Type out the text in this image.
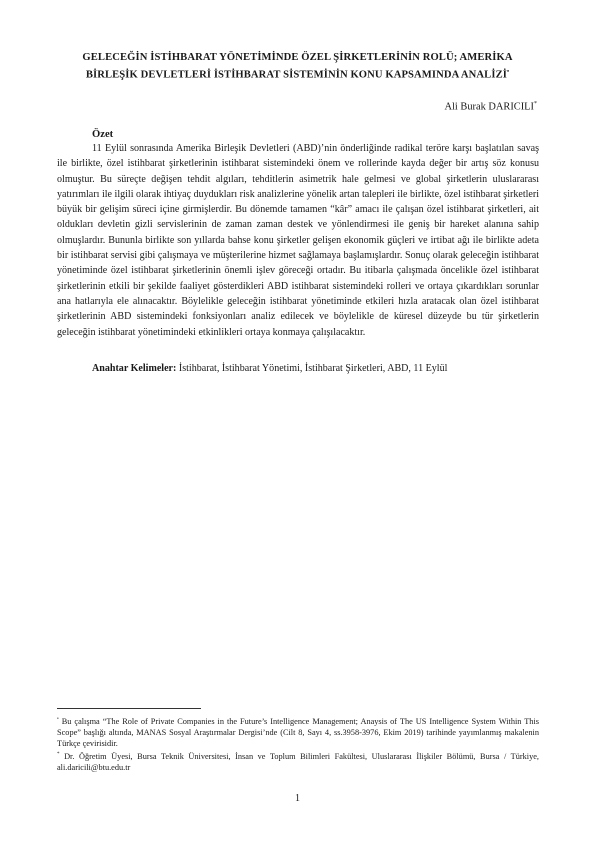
GELECEĞİN İSTİHBARAT YÖNETİMİNDE ÖZEL ŞİRKETLERİNİN ROLÜ; AMERİKA
BİRLEŞİK DEVLETLERİ İSTİHBARAT SİSTEMİNİN KONU KAPSAMINDA ANALİZİ•
Ali Burak DARICILI*
Özet

11 Eylül sonrasında Amerika Birleşik Devletleri (ABD)’nin önderliğinde radikal teröre karşı başlatılan savaş ile birlikte, özel istihbarat şirketlerinin istihbarat sistemindeki önem ve rollerinde kayda değer bir artış söz konusu olmuştur. Bu süreçte değişen tehdit algıları, tehditlerin asimetrik hale gelmesi ve global şirketlerin uluslararası yatırımları ile ilgili olarak ihtiyaç duydukları risk analizlerine yönelik artan talepleri ile birlikte, özel istihbarat şirketleri büyük bir gelişim süreci içine girmişlerdir. Bu dönemde tamamen “kâr” amacı ile çalışan özel istihbarat şirketleri, ait oldukları devletin gizli servislerinin de zaman zaman destek ve yönlendirmesi ile geniş bir hareket alanına sahip olmuşlardır. Bununla birlikte son yıllarda bahse konu şirketler gelişen ekonomik güçleri ve irtibat ağı ile birlikte adeta bir istihbarat servisi gibi çalışmaya ve müşterilerine hizmet sağlamaya başlamışlardır. Sonuç olarak geleceğin istihbarat yönetiminde özel istihbarat şirketlerinin önemli işlev göreceği ortadır. Bu itibarla çalışmada öncelikle özel istihbarat şirketlerinin etkili bir şekilde faaliyet gösterdikleri ABD istihbarat sistemindeki rolleri ve ortaya çıkardıkları sorunlar ana hatlarıyla ele alınacaktır. Böylelikle geleceğin istihbarat yönetiminde etkileri hızla aratacak olan özel istihbarat şirketlerinin ABD sistemindeki fonksiyonları analiz edilecek ve böylelikle de küresel düzeyde bu tür şirketlerin geleceğin istihbarat yönetimindeki etkinlikleri ortaya konmaya çalışılacaktır.

Anahtar Kelimeler: İstihbarat, İstihbarat Yönetimi, İstihbarat Şirketleri, ABD, 11 Eylül

• Bu çalışma “The Role of Private Companies in the Future’s Intelligence Management; Anaysis of The US Intelligence System Within This Scope” başlığı altında, MANAS Sosyal Araştırmalar Dergisi’nde (Cilt 8, Sayı 4, ss.3958-3976, Ekim 2019) tarihinde yayımlanmış makalenin Türkçe çevirisidir.

* Dr. Öğretim Üyesi, Bursa Teknik Üniversitesi, İnsan ve Toplum Bilimleri Fakültesi, Uluslararası İlişkiler Bölümü, Bursa / Türkiye, ali.daricili@btu.edu.tr

1
